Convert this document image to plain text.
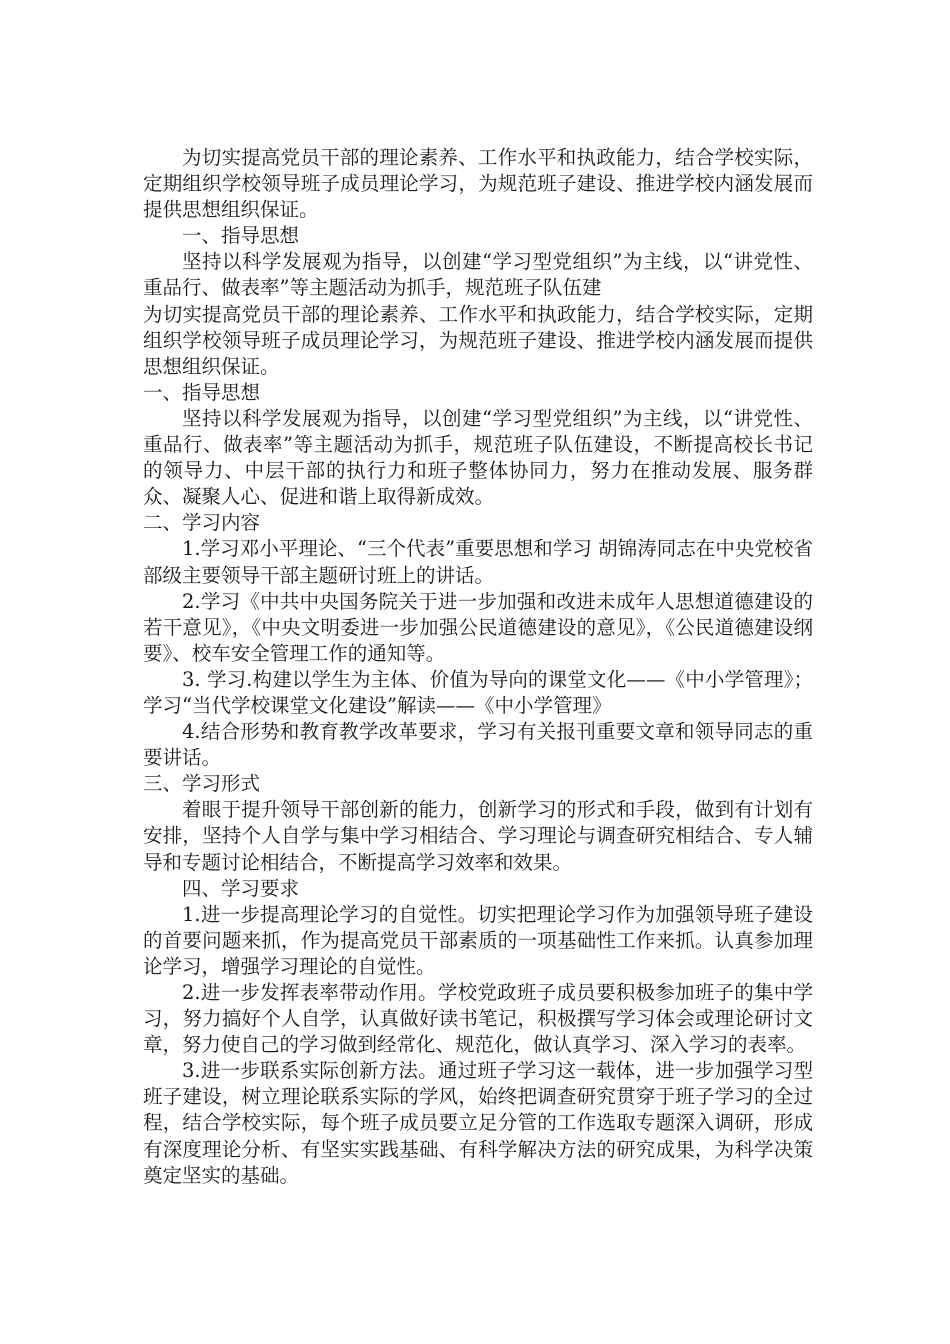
为切实提高党员干部的理论素养、工作水平和执政能力，结合学校实际，定期组织学校领导班子成员理论学习，为规范班子建设、推进学校内涵发展而提供思想组织保证。

一、指导思想

坚持以科学发展观为指导，以创建“学习型党组织”为主线，以“讲党性、重品行、做表率”等主题活动为抓手，规范班子队伍建

为切实提高党员干部的理论素养、工作水平和执政能力，结合学校实际，定期组织学校领导班子成员理论学习，为规范班子建设、推进学校内涵发展而提供思想组织保证。

一、指导思想

坚持以科学发展观为指导，以创建“学习型党组织”为主线，以“讲党性、重品行、做表率”等主题活动为抓手，规范班子队伍建设，不断提高校长书记的领导力、中层干部的执行力和班子整体协同力，努力在推动发展、服务群众、凝聚人心、促进和谐上取得新成效。

二、学习内容

1.学习邓小平理论、“三个代表”重要思想和学习 胡锦涛同志在中央党校省部级主要领导干部主题研讨班上的讲话。

2.学习《中共中央国务院关于进一步加强和改进未成年人思想道德建设的若干意见》，《中央文明委进一步加强公民道德建设的意见》，《公民道德建设纲要》、校车安全管理工作的通知等。

3. 学习.构建以学生为主体、价值为导向的课堂文化——《中小学管理》；学习“当代学校课堂文化建设”解读——《中小学管理》

4.结合形势和教育教学改革要求，学习有关报刊重要文章和领导同志的重要讲话。

三、学习形式

着眼于提升领导干部创新的能力，创新学习的形式和手段，做到有计划有安排，坚持个人自学与集中学习相结合、学习理论与调查研究相结合、专人辅导和专题讨论相结合，不断提高学习效率和效果。

四、学习要求

1.进一步提高理论学习的自觉性。切实把理论学习作为加强领导班子建设的首要问题来抓，作为提高党员干部素质的一项基础性工作来抓。认真参加理论学习，增强学习理论的自觉性。

2.进一步发挥表率带动作用。学校党政班子成员要积极参加班子的集中学习，努力搞好个人自学，认真做好读书笔记，积极撰写学习体会或理论研讨文章，努力使自己的学习做到经常化、规范化，做认真学习、深入学习的表率。

3.进一步联系实际创新方法。通过班子学习这一载体，进一步加强学习型班子建设，树立理论联系实际的学风，始终把调查研究贯穿于班子学习的全过程，结合学校实际，每个班子成员要立足分管的工作选取专题深入调研，形成有深度理论分析、有坚实实践基础、有科学解决方法的研究成果，为科学决策奠定坚实的基础。
